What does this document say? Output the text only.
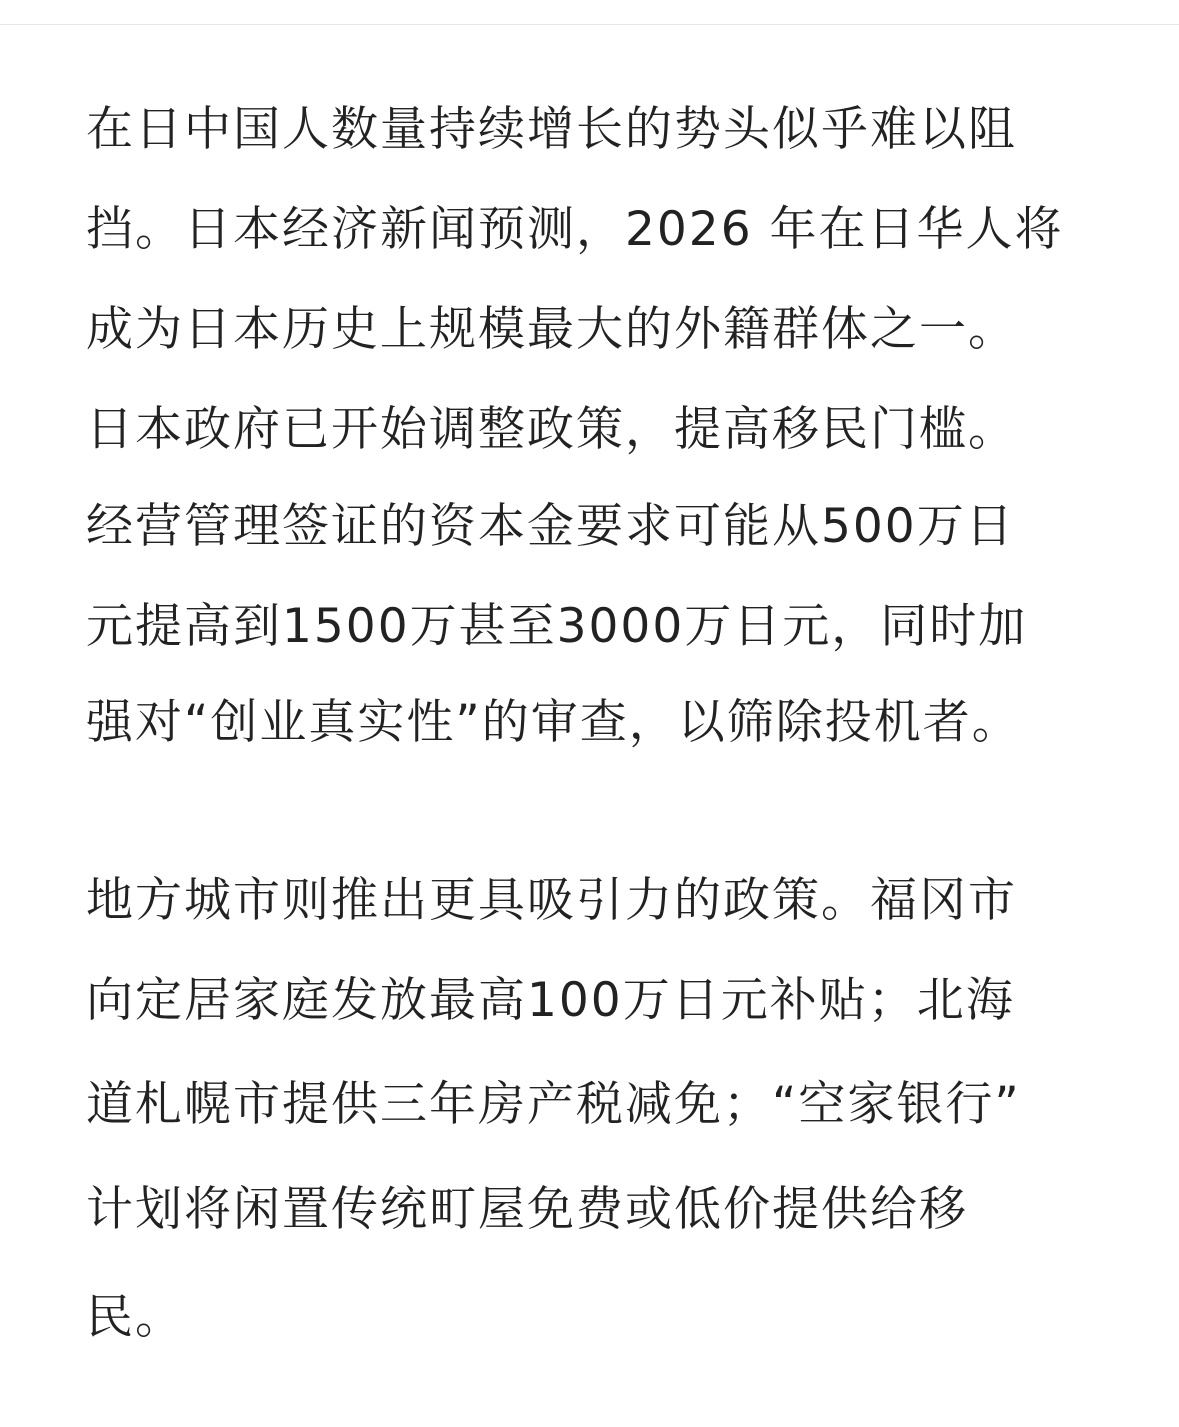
在日中国人数量持续增长的势头似乎难以阻
挡。日本经济新闻预测，2026 年在日华人将
成为日本历史上规模最大的外籍群体之一。
日本政府已开始调整政策，提高移民门槛。
经营管理签证的资本金要求可能从500万日
元提高到1500万甚至3000万日元，同时加
强对“创业真实性”的审查，以筛除投机者。
地方城市则推出更具吸引力的政策。福冈市
向定居家庭发放最高100万日元补贴；北海
道札幌市提供三年房产税减免；“空家银行”
计划将闲置传统町屋免费或低价提供给移
民。
